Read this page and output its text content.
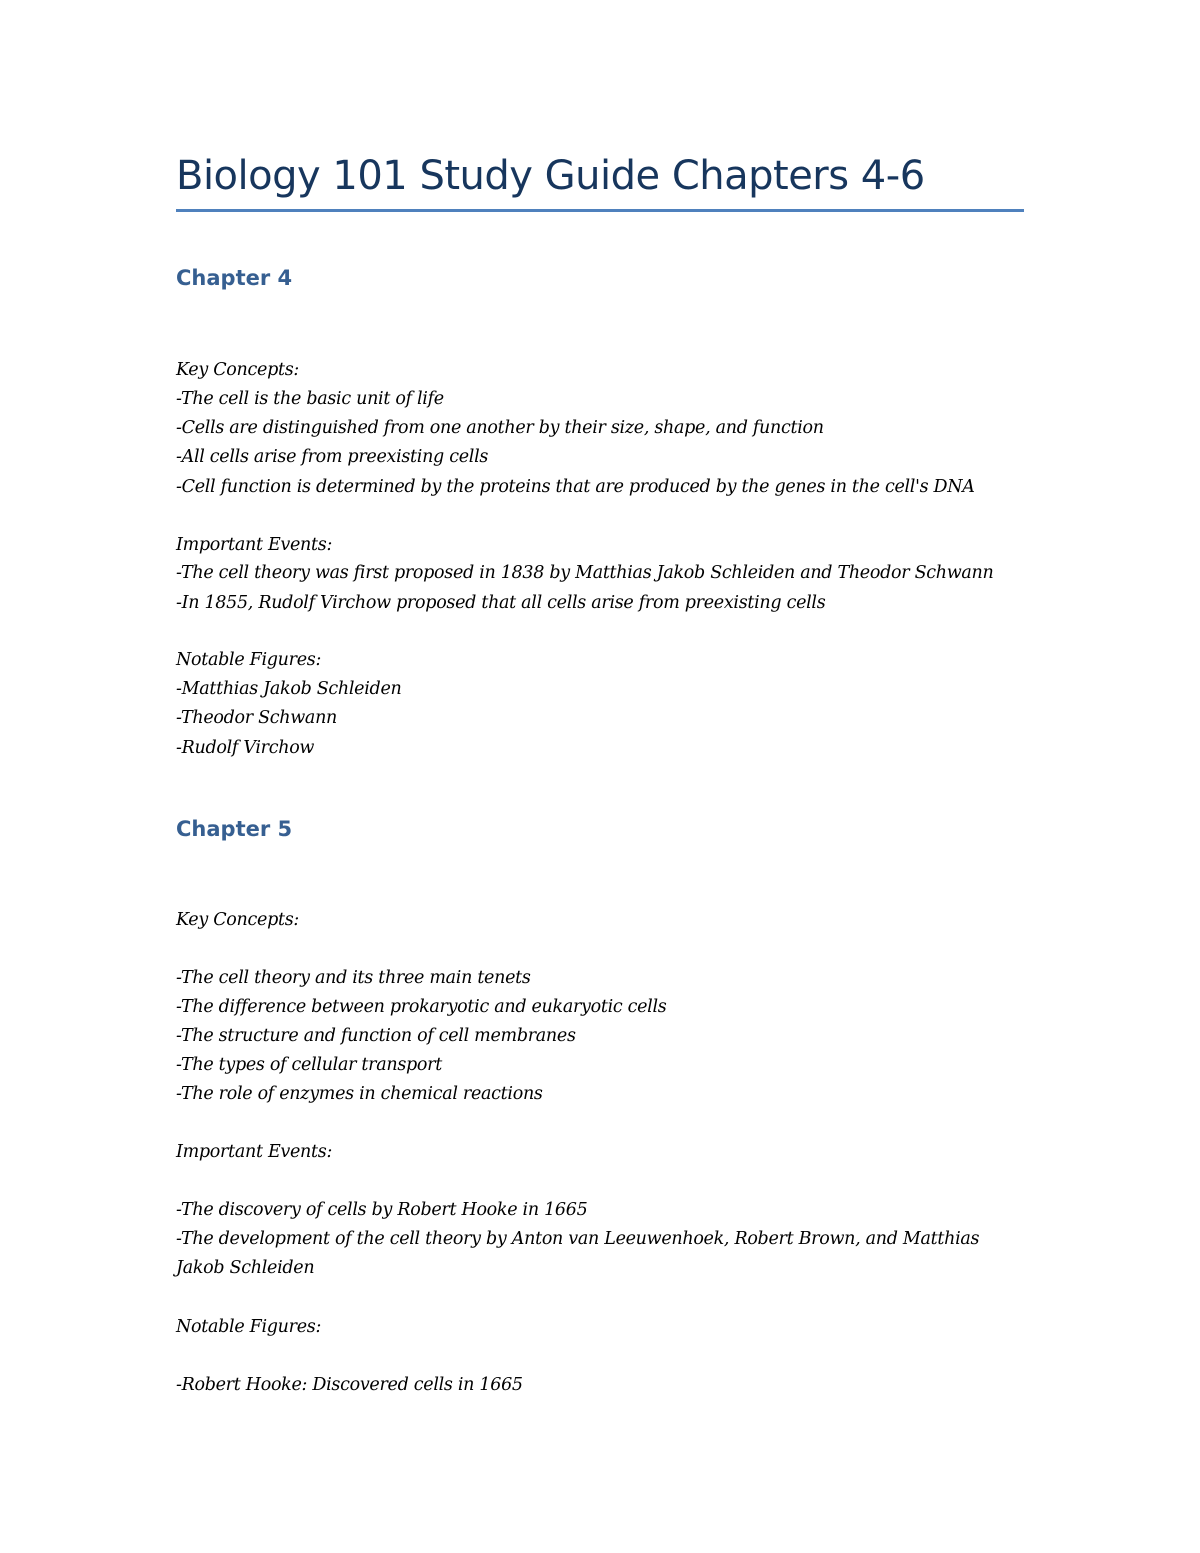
Biology 101 Study Guide Chapters 4-6
Chapter 4

Key Concepts:

-The cell is the basic unit of life

-Cells are distinguished from one another by their size, shape, and function

-All cells arise from preexisting cells

-Cell function is determined by the proteins that are produced by the genes in the cell's DNA

Important Events:

-The cell theory was first proposed in 1838 by Matthias Jakob Schleiden and Theodor Schwann

-In 1855, Rudolf Virchow proposed that all cells arise from preexisting cells

Notable Figures:

-Matthias Jakob Schleiden

-Theodor Schwann

-Rudolf Virchow

Chapter 5

Key Concepts:

-The cell theory and its three main tenets

-The difference between prokaryotic and eukaryotic cells

-The structure and function of cell membranes

-The types of cellular transport

-The role of enzymes in chemical reactions

Important Events:

-The discovery of cells by Robert Hooke in 1665

-The development of the cell theory by Anton van Leeuwenhoek, Robert Brown, and Matthias

Jakob Schleiden

Notable Figures:

-Robert Hooke: Discovered cells in 1665
